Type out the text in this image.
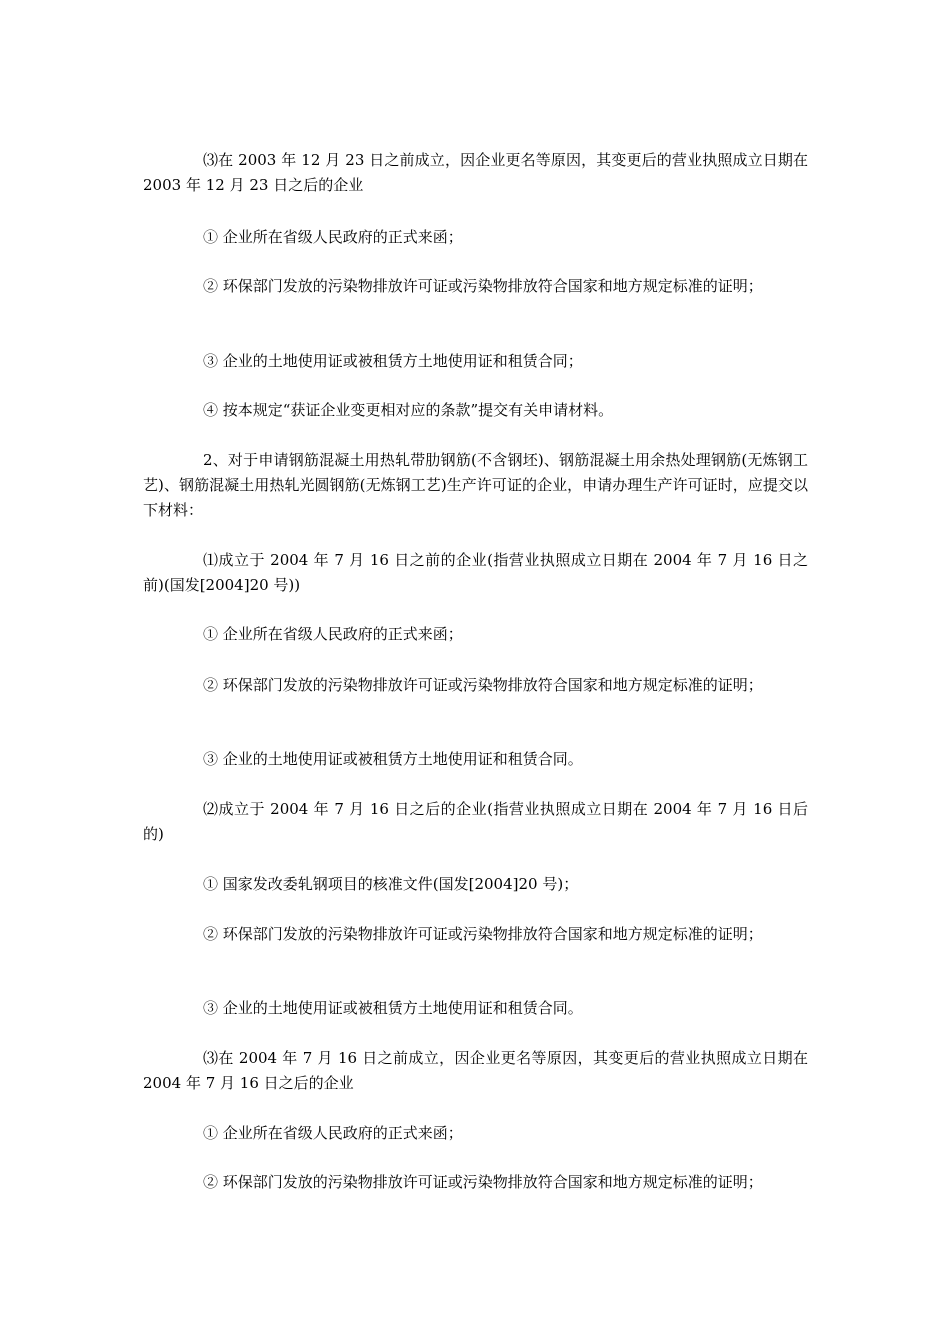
⑶在 2003 年 12 月 23 日之前成立，因企业更名等原因，其变更后的营业执照成立日期在 2003 年 12 月 23 日之后的企业

① 企业所在省级人民政府的正式来函；

② 环保部门发放的污染物排放许可证或污染物排放符合国家和地方规定标准的证明；

③ 企业的土地使用证或被租赁方土地使用证和租赁合同；

④ 按本规定“获证企业变更相对应的条款”提交有关申请材料。

2、对于申请钢筋混凝土用热轧带肋钢筋(不含钢坯)、钢筋混凝土用余热处理钢筋(无炼钢工艺)、钢筋混凝土用热轧光圆钢筋(无炼钢工艺)生产许可证的企业，申请办理生产许可证时，应提交以下材料：

⑴成立于 2004 年 7 月 16 日之前的企业(指营业执照成立日期在 2004 年 7 月 16 日之前)(国发[2004]20 号))

① 企业所在省级人民政府的正式来函；

② 环保部门发放的污染物排放许可证或污染物排放符合国家和地方规定标准的证明；

③ 企业的土地使用证或被租赁方土地使用证和租赁合同。

⑵成立于 2004 年 7 月 16 日之后的企业(指营业执照成立日期在 2004 年 7 月 16 日后的)

① 国家发改委轧钢项目的核准文件(国发[2004]20 号)；

② 环保部门发放的污染物排放许可证或污染物排放符合国家和地方规定标准的证明；

③ 企业的土地使用证或被租赁方土地使用证和租赁合同。

⑶在 2004 年 7 月 16 日之前成立，因企业更名等原因，其变更后的营业执照成立日期在 2004 年 7 月 16 日之后的企业

① 企业所在省级人民政府的正式来函；

② 环保部门发放的污染物排放许可证或污染物排放符合国家和地方规定标准的证明；
